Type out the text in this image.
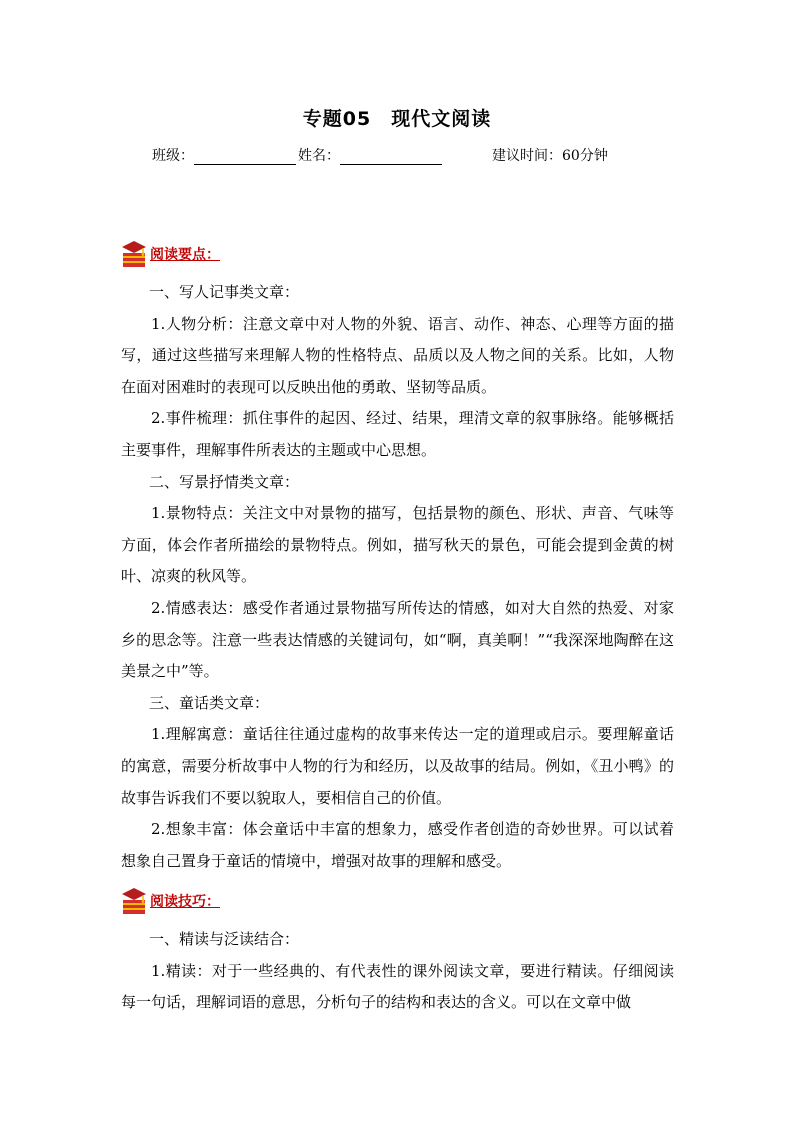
专题05　现代文阅读
班级：	姓名：	建议时间：60分钟
阅读要点：

一、写人记事类文章：

1.人物分析：注意文章中对人物的外貌、语言、动作、神态、心理等方面的描写，通过这些描写来理解人物的性格特点、品质以及人物之间的关系。比如，人物在面对困难时的表现可以反映出他的勇敢、坚韧等品质。

2.事件梳理：抓住事件的起因、经过、结果，理清文章的叙事脉络。能够概括主要事件，理解事件所表达的主题或中心思想。

二、写景抒情类文章：

1.景物特点：关注文中对景物的描写，包括景物的颜色、形状、声音、气味等方面，体会作者所描绘的景物特点。例如，描写秋天的景色，可能会提到金黄的树叶、凉爽的秋风等。

2.情感表达：感受作者通过景物描写所传达的情感，如对大自然的热爱、对家乡的思念等。注意一些表达情感的关键词句，如“啊，真美啊！”“我深深地陶醉在这美景之中”等。

三、童话类文章：

1.理解寓意：童话往往通过虚构的故事来传达一定的道理或启示。要理解童话的寓意，需要分析故事中人物的行为和经历，以及故事的结局。例如，《丑小鸭》的故事告诉我们不要以貌取人，要相信自己的价值。

2.想象丰富：体会童话中丰富的想象力，感受作者创造的奇妙世界。可以试着想象自己置身于童话的情境中，增强对故事的理解和感受。

阅读技巧：

一、精读与泛读结合：

1.精读：对于一些经典的、有代表性的课外阅读文章，要进行精读。仔细阅读每一句话，理解词语的意思，分析句子的结构和表达的含义。可以在文章中做
